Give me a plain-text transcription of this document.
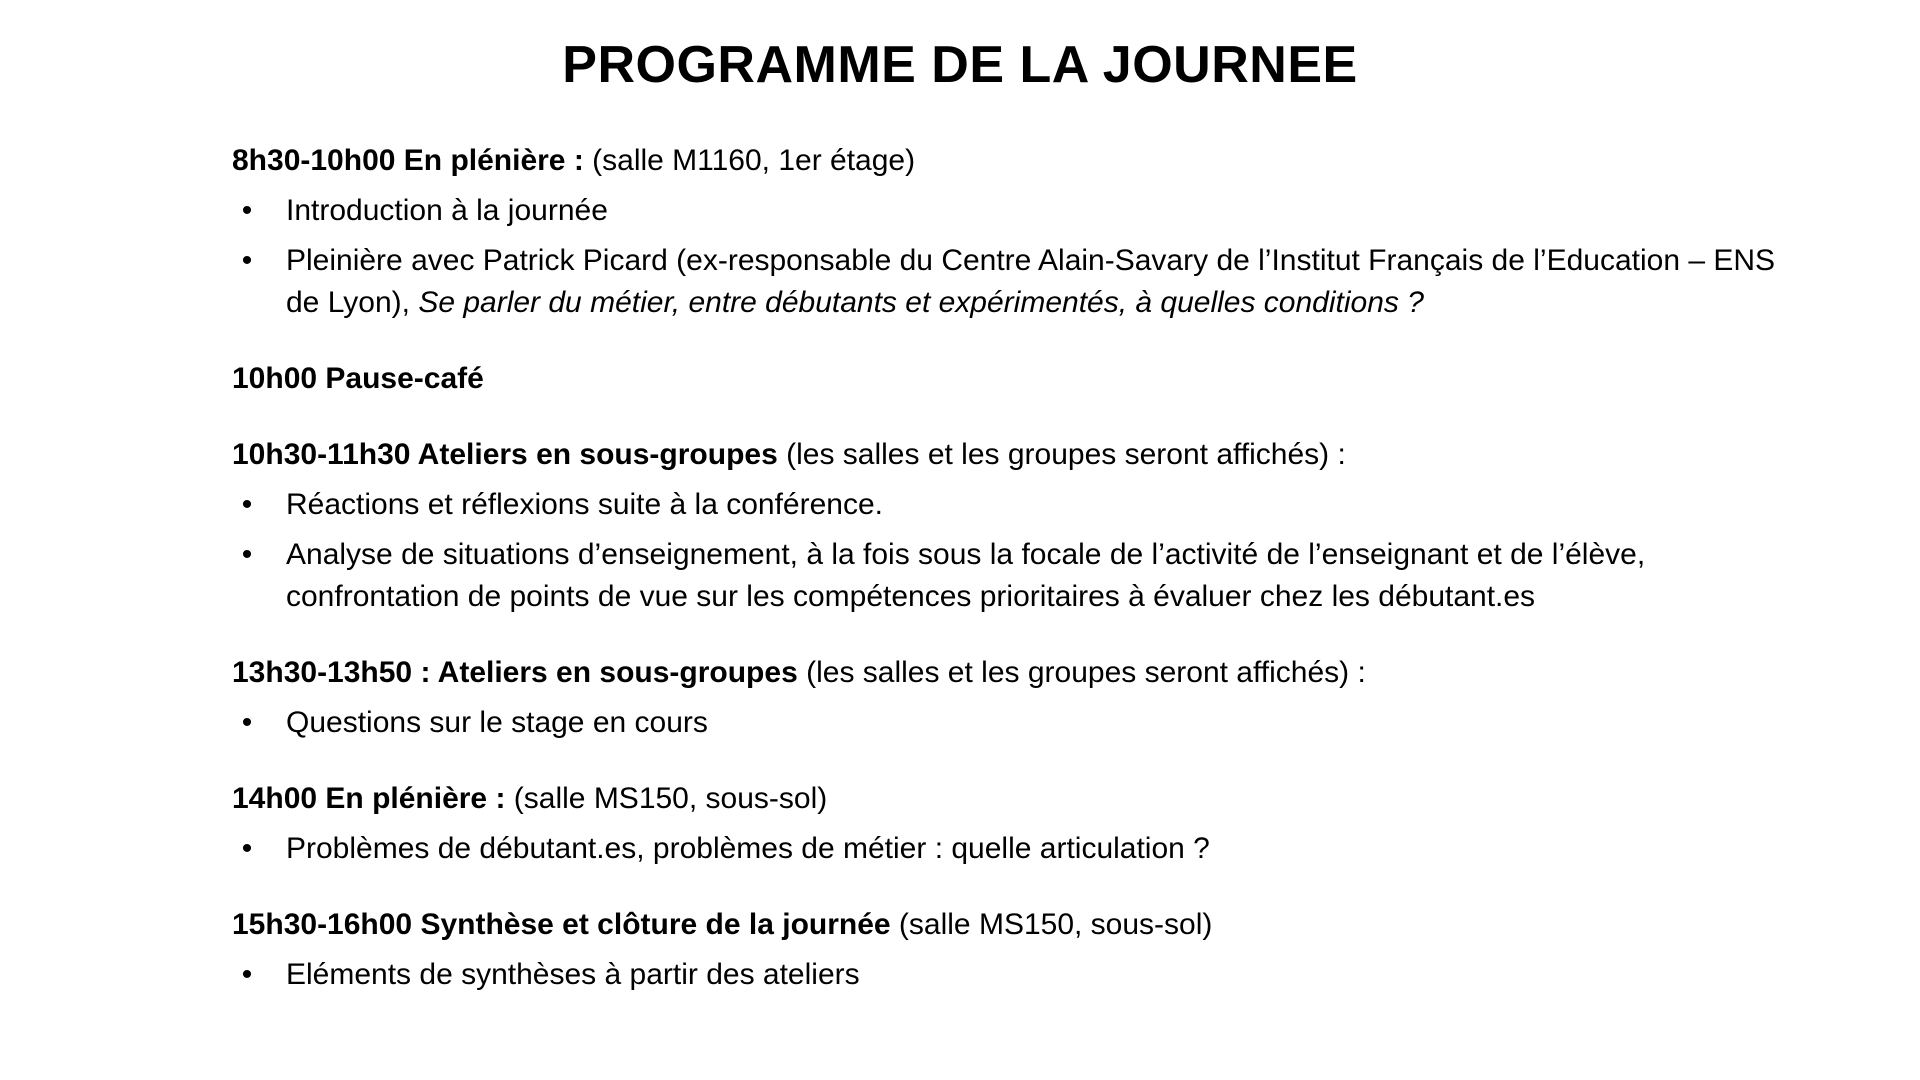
PROGRAMME DE LA JOURNEE
8h30-10h00 En plénière : (salle M1160, 1er étage)
•	Introduction à la journée
•	Pleinière avec Patrick Picard (ex-responsable du Centre Alain-Savary de l’Institut Français de l’Education – ENS de Lyon), Se parler du métier, entre débutants et expérimentés, à quelles conditions ?
10h00 Pause-café
10h30-11h30 Ateliers en sous-groupes (les salles et les groupes seront affichés) :
•	Réactions et réflexions suite à la conférence.
•	Analyse de situations d’enseignement, à la fois sous la focale de l’activité de l’enseignant et de l’élève, confrontation de points de vue sur les compétences prioritaires à évaluer chez les débutant.es
13h30-13h50 : Ateliers en sous-groupes (les salles et les groupes seront affichés) :
•	Questions sur le stage en cours
14h00 En plénière : (salle MS150, sous-sol)
•	Problèmes de débutant.es, problèmes de métier : quelle articulation ?
15h30-16h00 Synthèse et clôture de la journée (salle MS150, sous-sol)
•	Eléments de synthèses à partir des ateliers
